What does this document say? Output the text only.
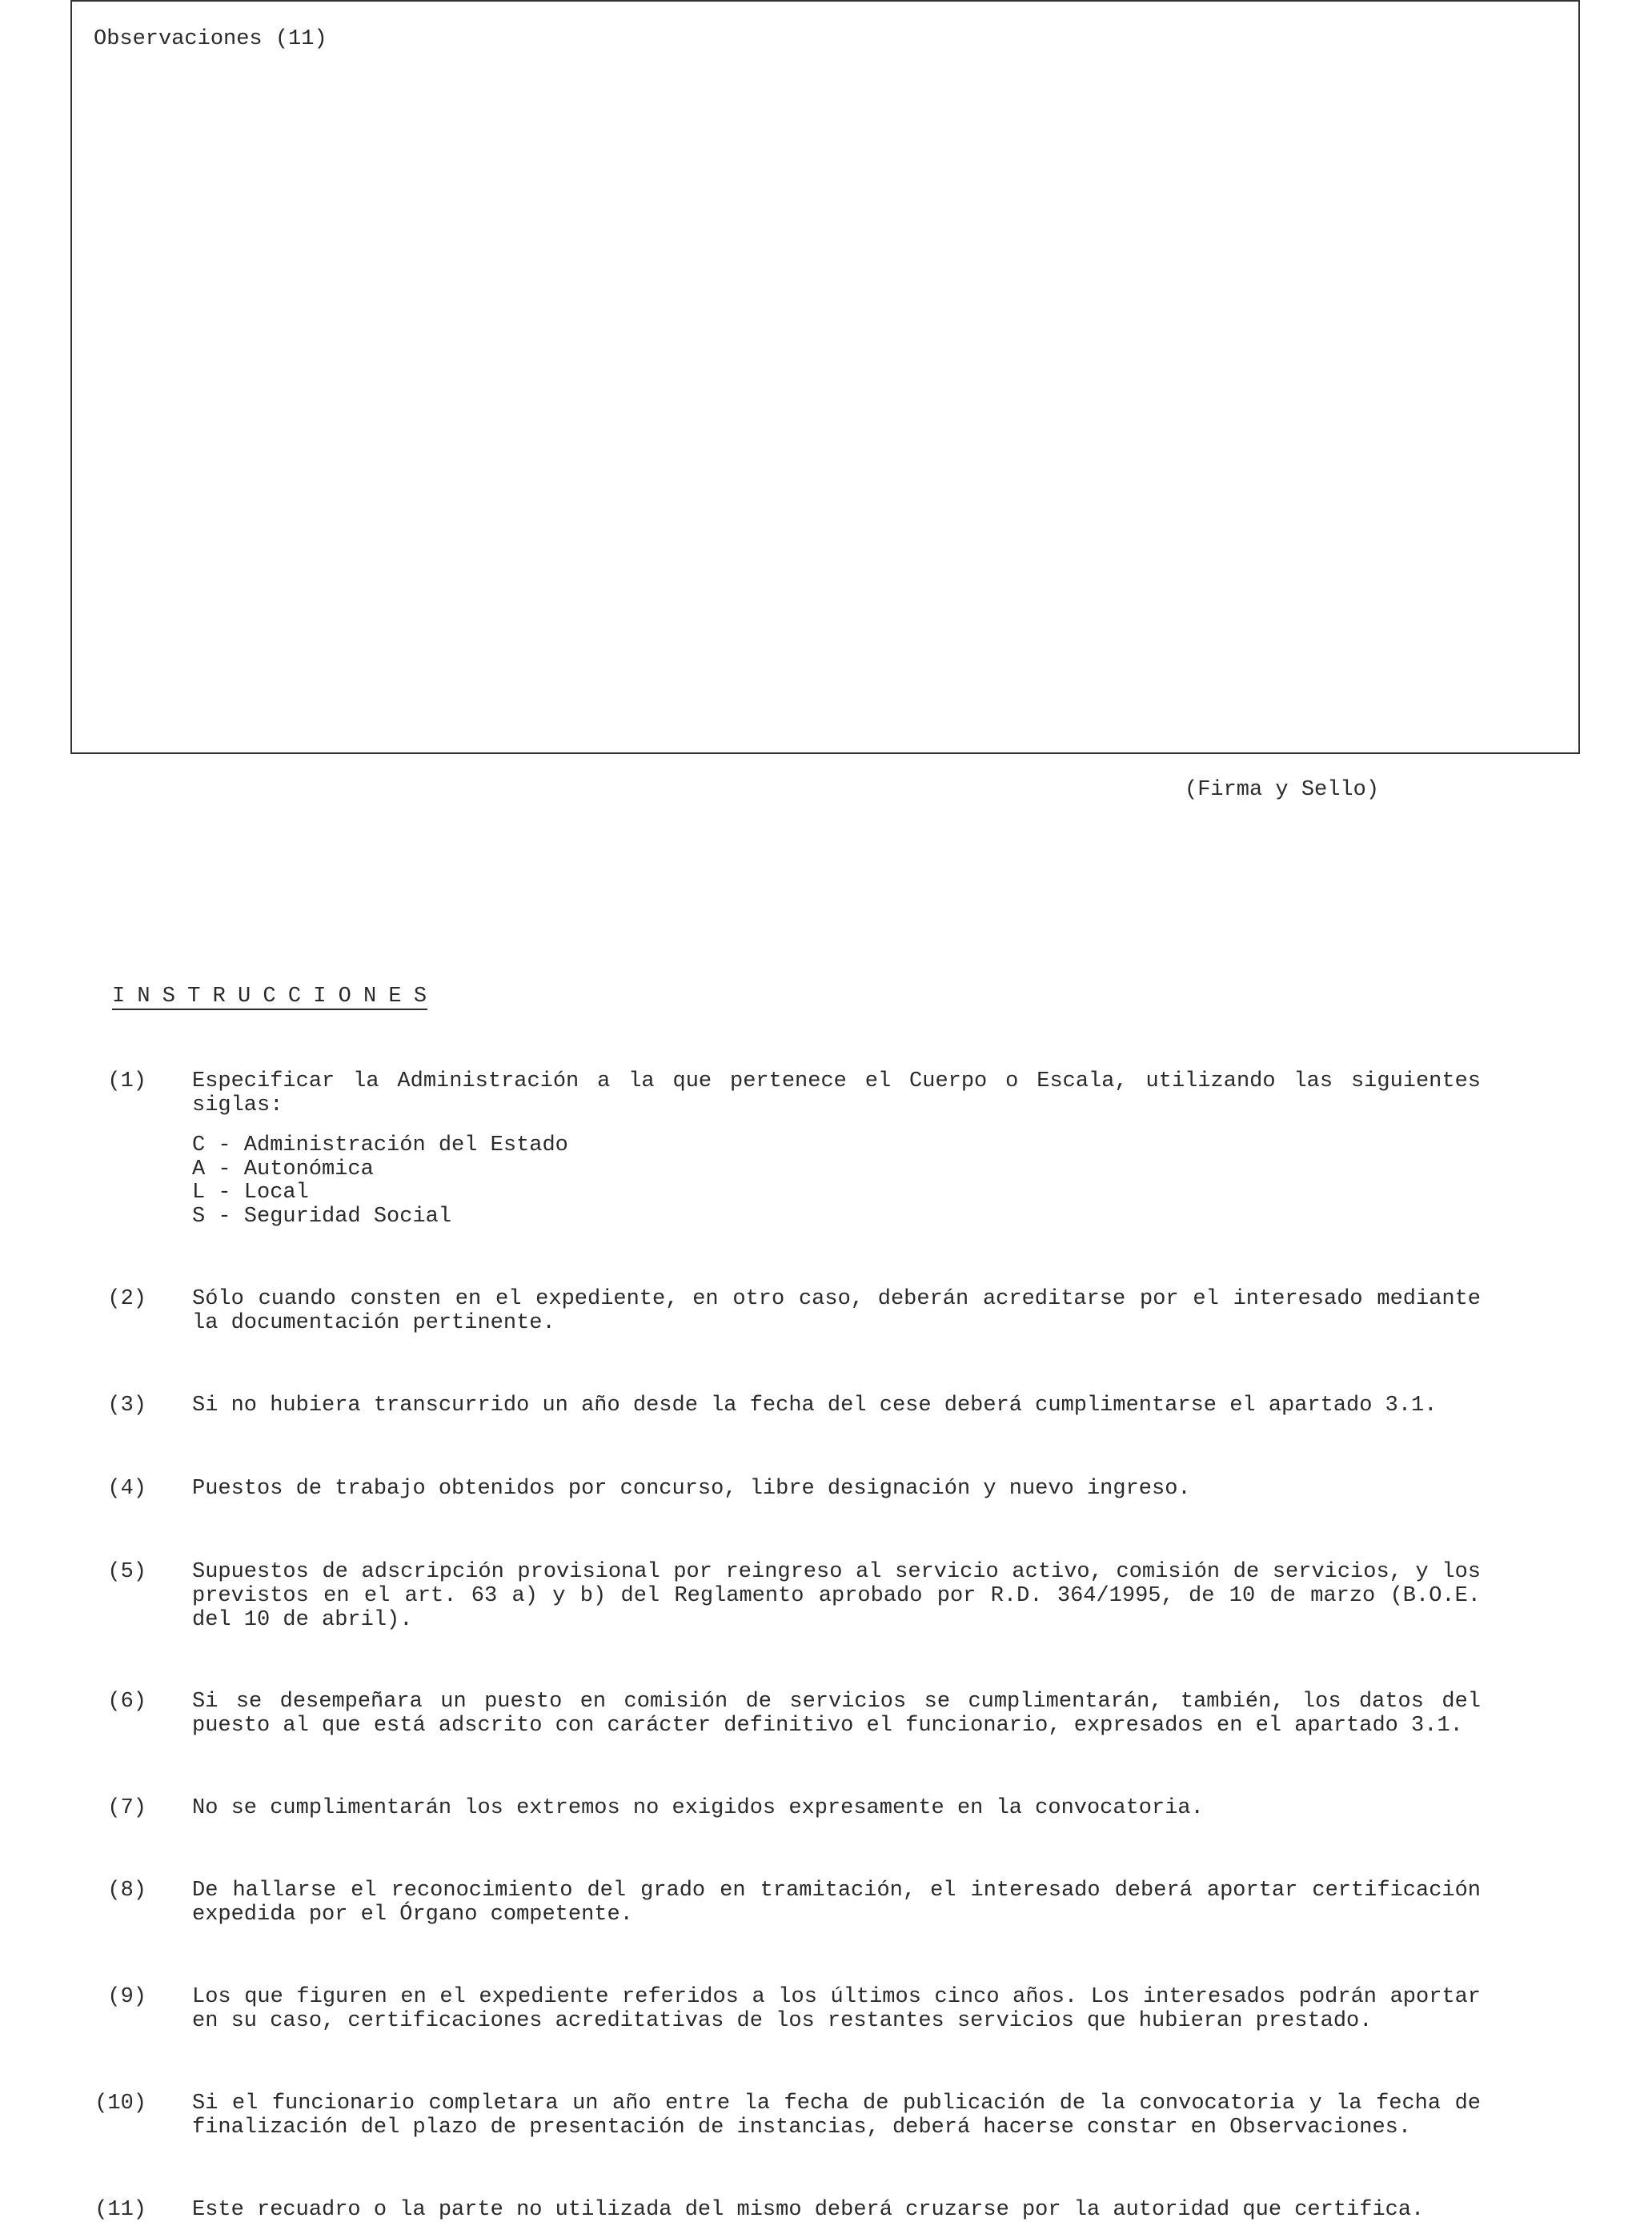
Observaciones (11)
(Firma y Sello)
INSTRUCCIONES
(1) Especificar la Administración a la que pertenece el Cuerpo o Escala, utilizando las siguientes siglas:
C - Administración del Estado
A - Autonómica
L - Local
S - Seguridad Social
(2) Sólo cuando consten en el expediente, en otro caso, deberán acreditarse por el interesado mediante la documentación pertinente.
(3) Si no hubiera transcurrido un año desde la fecha del cese deberá cumplimentarse el apartado 3.1.
(4) Puestos de trabajo obtenidos por concurso, libre designación y nuevo ingreso.
(5) Supuestos de adscripción provisional por reingreso al servicio activo, comisión de servicios, y los previstos en el art. 63 a) y b) del Reglamento aprobado por R.D. 364/1995, de 10 de marzo (B.O.E. del 10 de abril).
(6) Si se desempeñara un puesto en comisión de servicios se cumplimentarán, también, los datos del puesto al que está adscrito con carácter definitivo el funcionario, expresados en el apartado 3.1.
(7) No se cumplimentarán los extremos no exigidos expresamente en la convocatoria.
(8) De hallarse el reconocimiento del grado en tramitación, el interesado deberá aportar certificación expedida por el Órgano competente.
(9) Los que figuren en el expediente referidos a los últimos cinco años. Los interesados podrán aportar en su caso, certificaciones acreditativas de los restantes servicios que hubieran prestado.
(10) Si el funcionario completara un año entre la fecha de publicación de la convocatoria y la fecha de finalización del plazo de presentación de instancias, deberá hacerse constar en Observaciones.
(11) Este recuadro o la parte no utilizada del mismo deberá cruzarse por la autoridad que certifica.
